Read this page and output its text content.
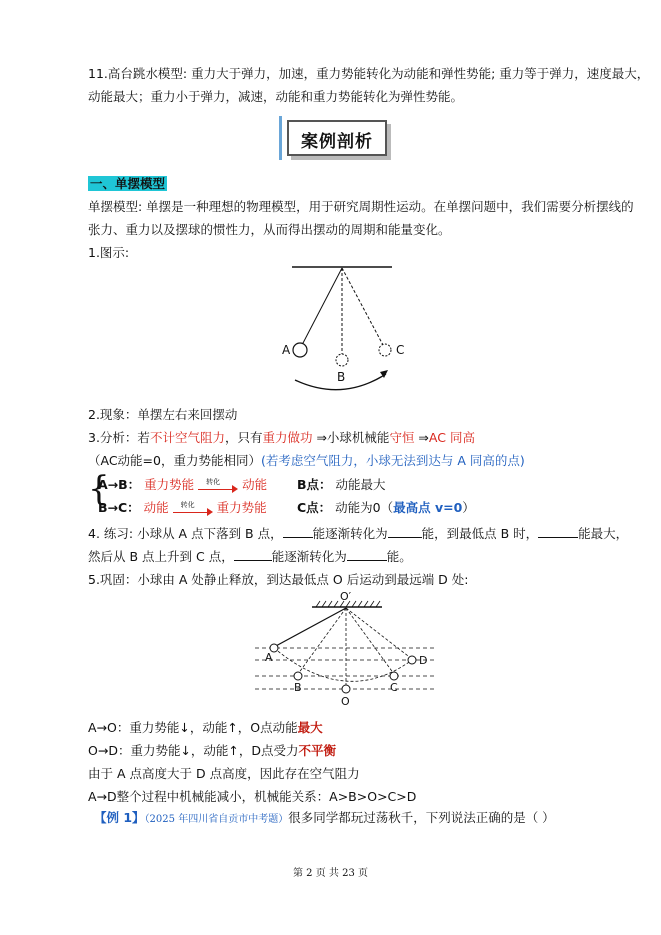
11.高台跳水模型: 重力大于弹力，加速，重力势能转化为动能和弹性势能; 重力等于弹力，速度最大，
动能最大；重力小于弹力，减速，动能和重力势能转化为弹性势能。
案例剖析
一、单摆模型
单摆模型: 单摆是一种理想的物理模型，用于研究周期性运动。在单摆问题中，我们需要分析摆线的
张力、重力以及摆球的惯性力，从而得出摆动的周期和能量变化。
1.图示:
A
B
C
2.现象：单摆左右来回摆动
3.分析：若不计空气阻力，只有重力做功 ⇒小球机械能守恒 ⇒AC 同高
（AC动能=0，重力势能相同）(若考虑空气阻力，小球无法到达与 A 同高的点)
{
A→B： 重力势能 转化 动能 B点： 动能最大
B→C： 动能 转化 重力势能 C点： 动能为0（最高点 v=0）
4. 练习: 小球从 A 点下落到 B 点， 能逐渐转化为	能，到最低点 B 时，	能最大，
然后从 B 点上升到 C 点，	能逐渐转化为	能。
5.巩固：小球由 A 处静止释放，到达最低点 O 后运动到最远端 D 处:
O′
A
B
O
C
D
A→O：重力势能↓，动能↑，O点动能最大
O→D：重力势能↓，动能↑，D点受力不平衡
由于 A 点高度大于 D 点高度，因此存在空气阻力
A→D整个过程中机械能减小，机械能关系：A>B>O>C>D
【例 1】（2025 年四川省自贡市中考题）很多同学都玩过荡秋千，下列说法正确的是（ ）
第 2 页 共 23 页
